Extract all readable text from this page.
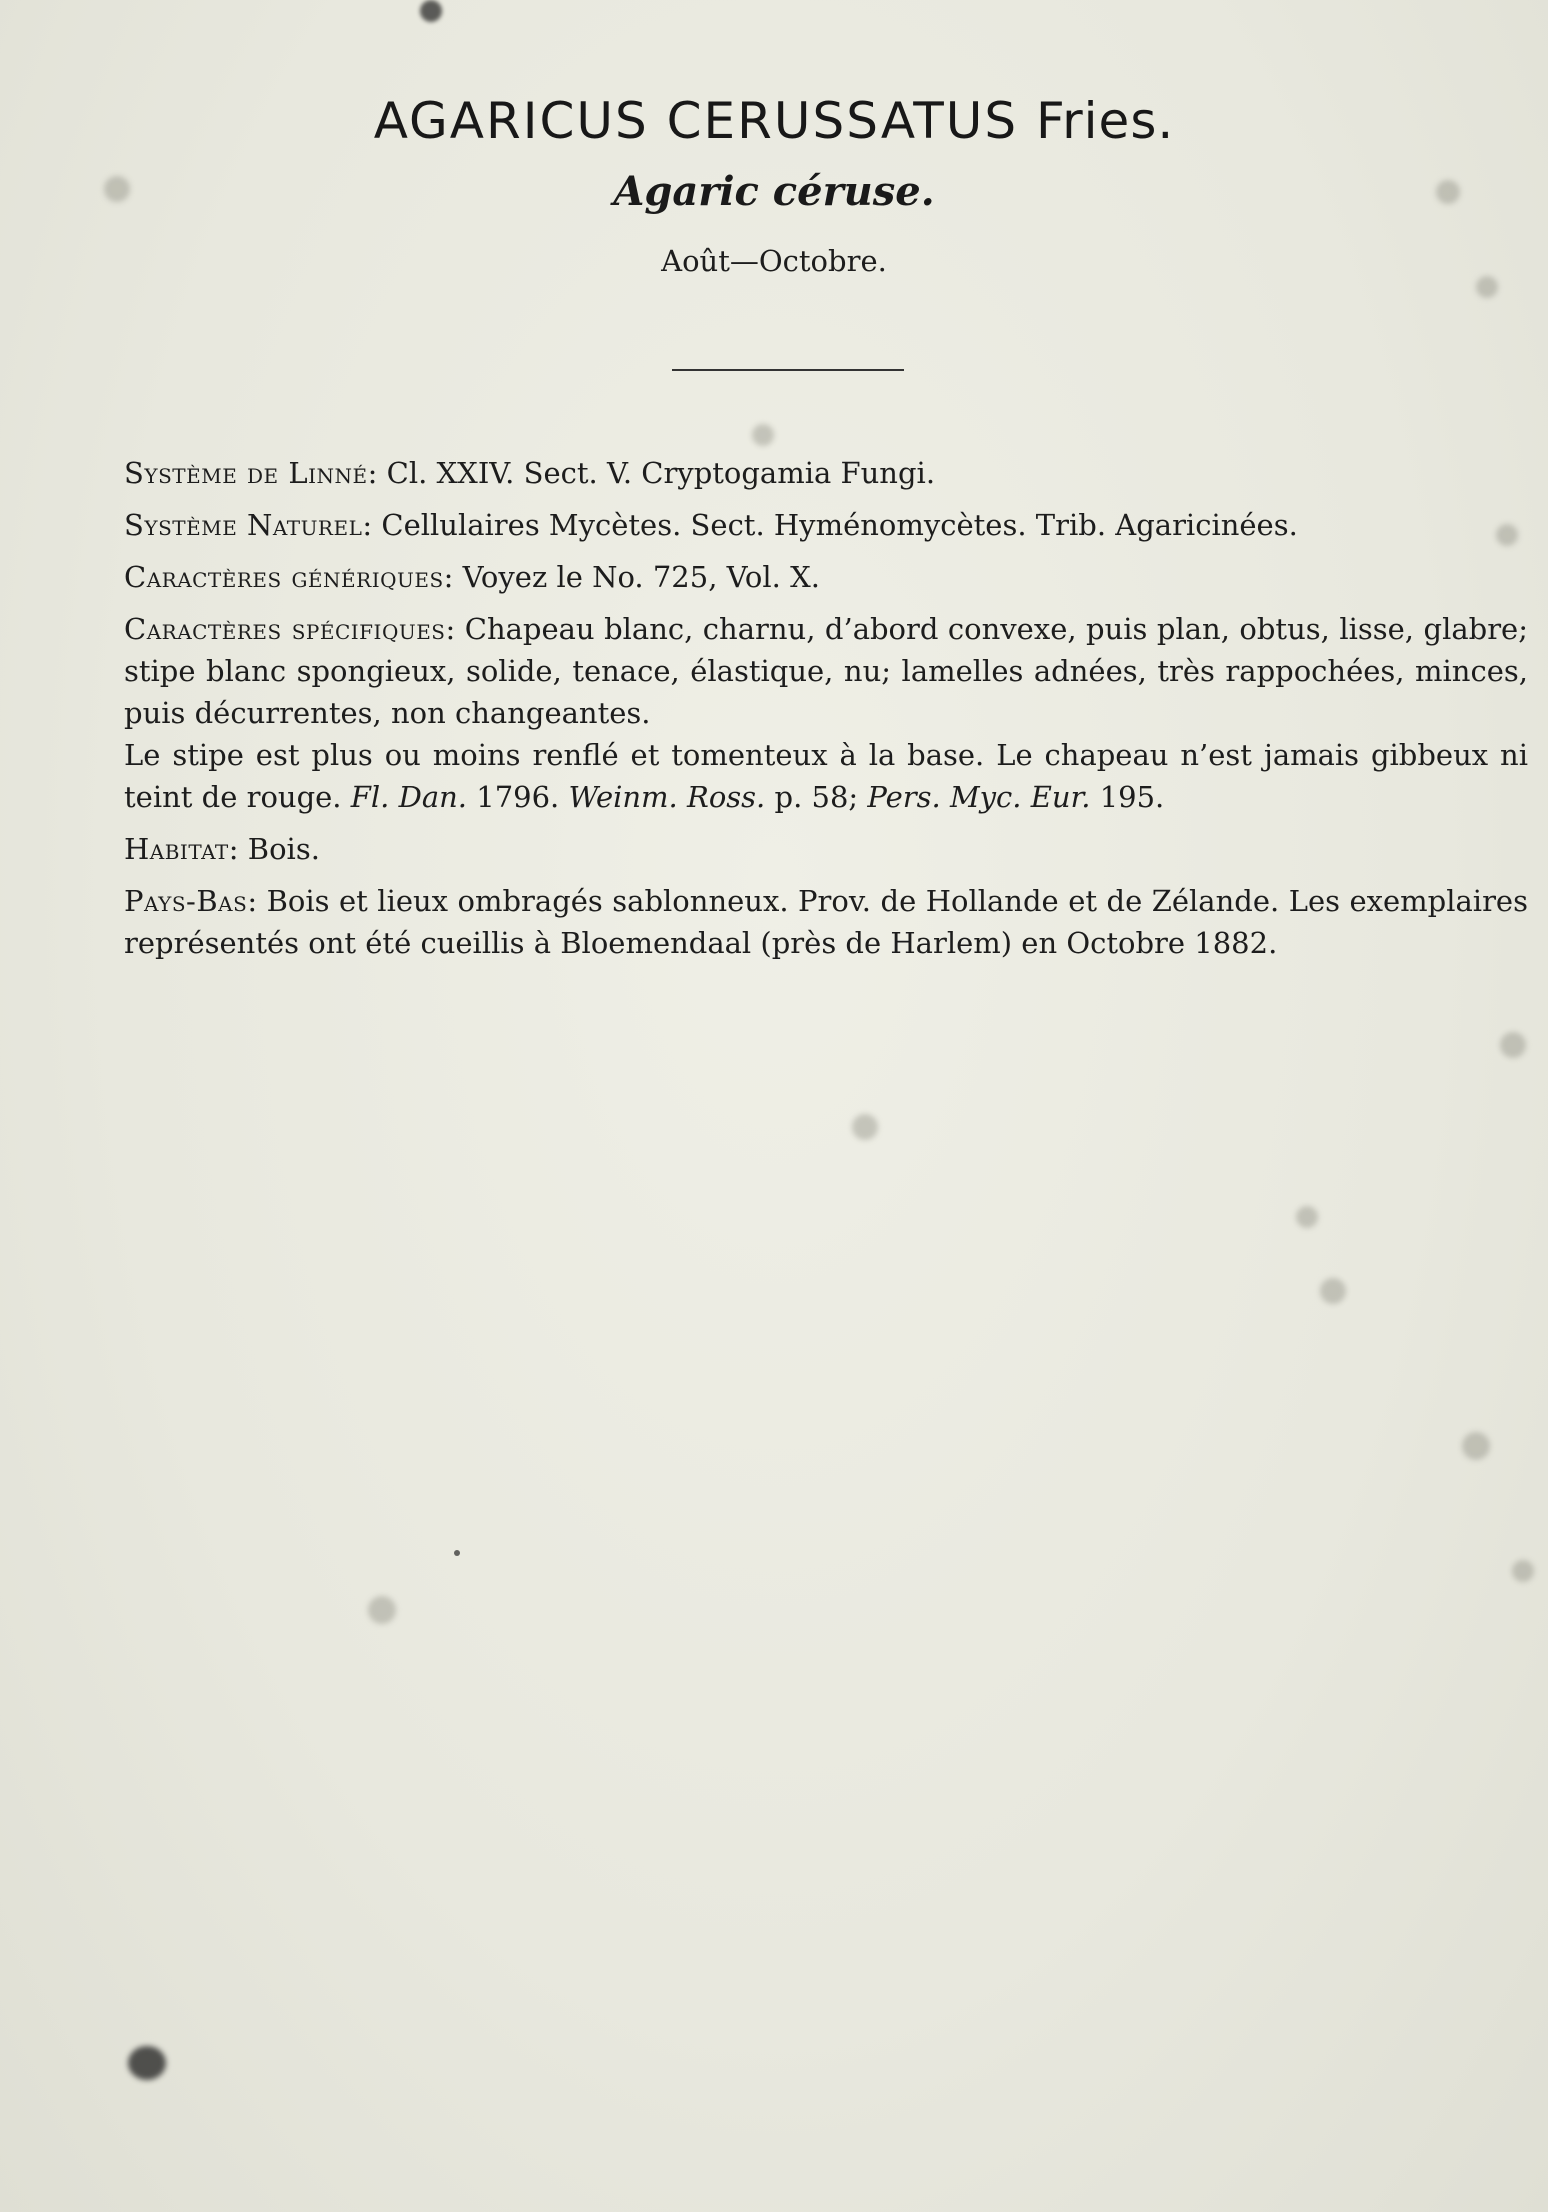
AGARICUS CERUSSATUS Fries.
Agaric céruse.
Août—Octobre.

Système de Linné: Cl. XXIV. Sect. V. Cryptogamia Fungi.

Système Naturel: Cellulaires Mycètes. Sect. Hyménomycètes. Trib. Agaricinées.

Caractères génériques: Voyez le No. 725, Vol. X.

Caractères spécifiques: Chapeau blanc, charnu, d’abord convexe, puis plan, obtus, lisse, glabre; stipe blanc spongieux, solide, tenace, élastique, nu; lamelles adnées, très rappochées, minces, puis décurrentes, non changeantes.

Le stipe est plus ou moins renflé et tomenteux à la base. Le chapeau n’est jamais gibbeux ni teint de rouge. Fl. Dan. 1796. Weinm. Ross. p. 58; Pers. Myc. Eur. 195.

Habitat: Bois.

Pays-Bas: Bois et lieux ombragés sablonneux. Prov. de Hollande et de Zélande. Les exemplaires représentés ont été cueillis à Bloemendaal (près de Harlem) en Octobre 1882.
